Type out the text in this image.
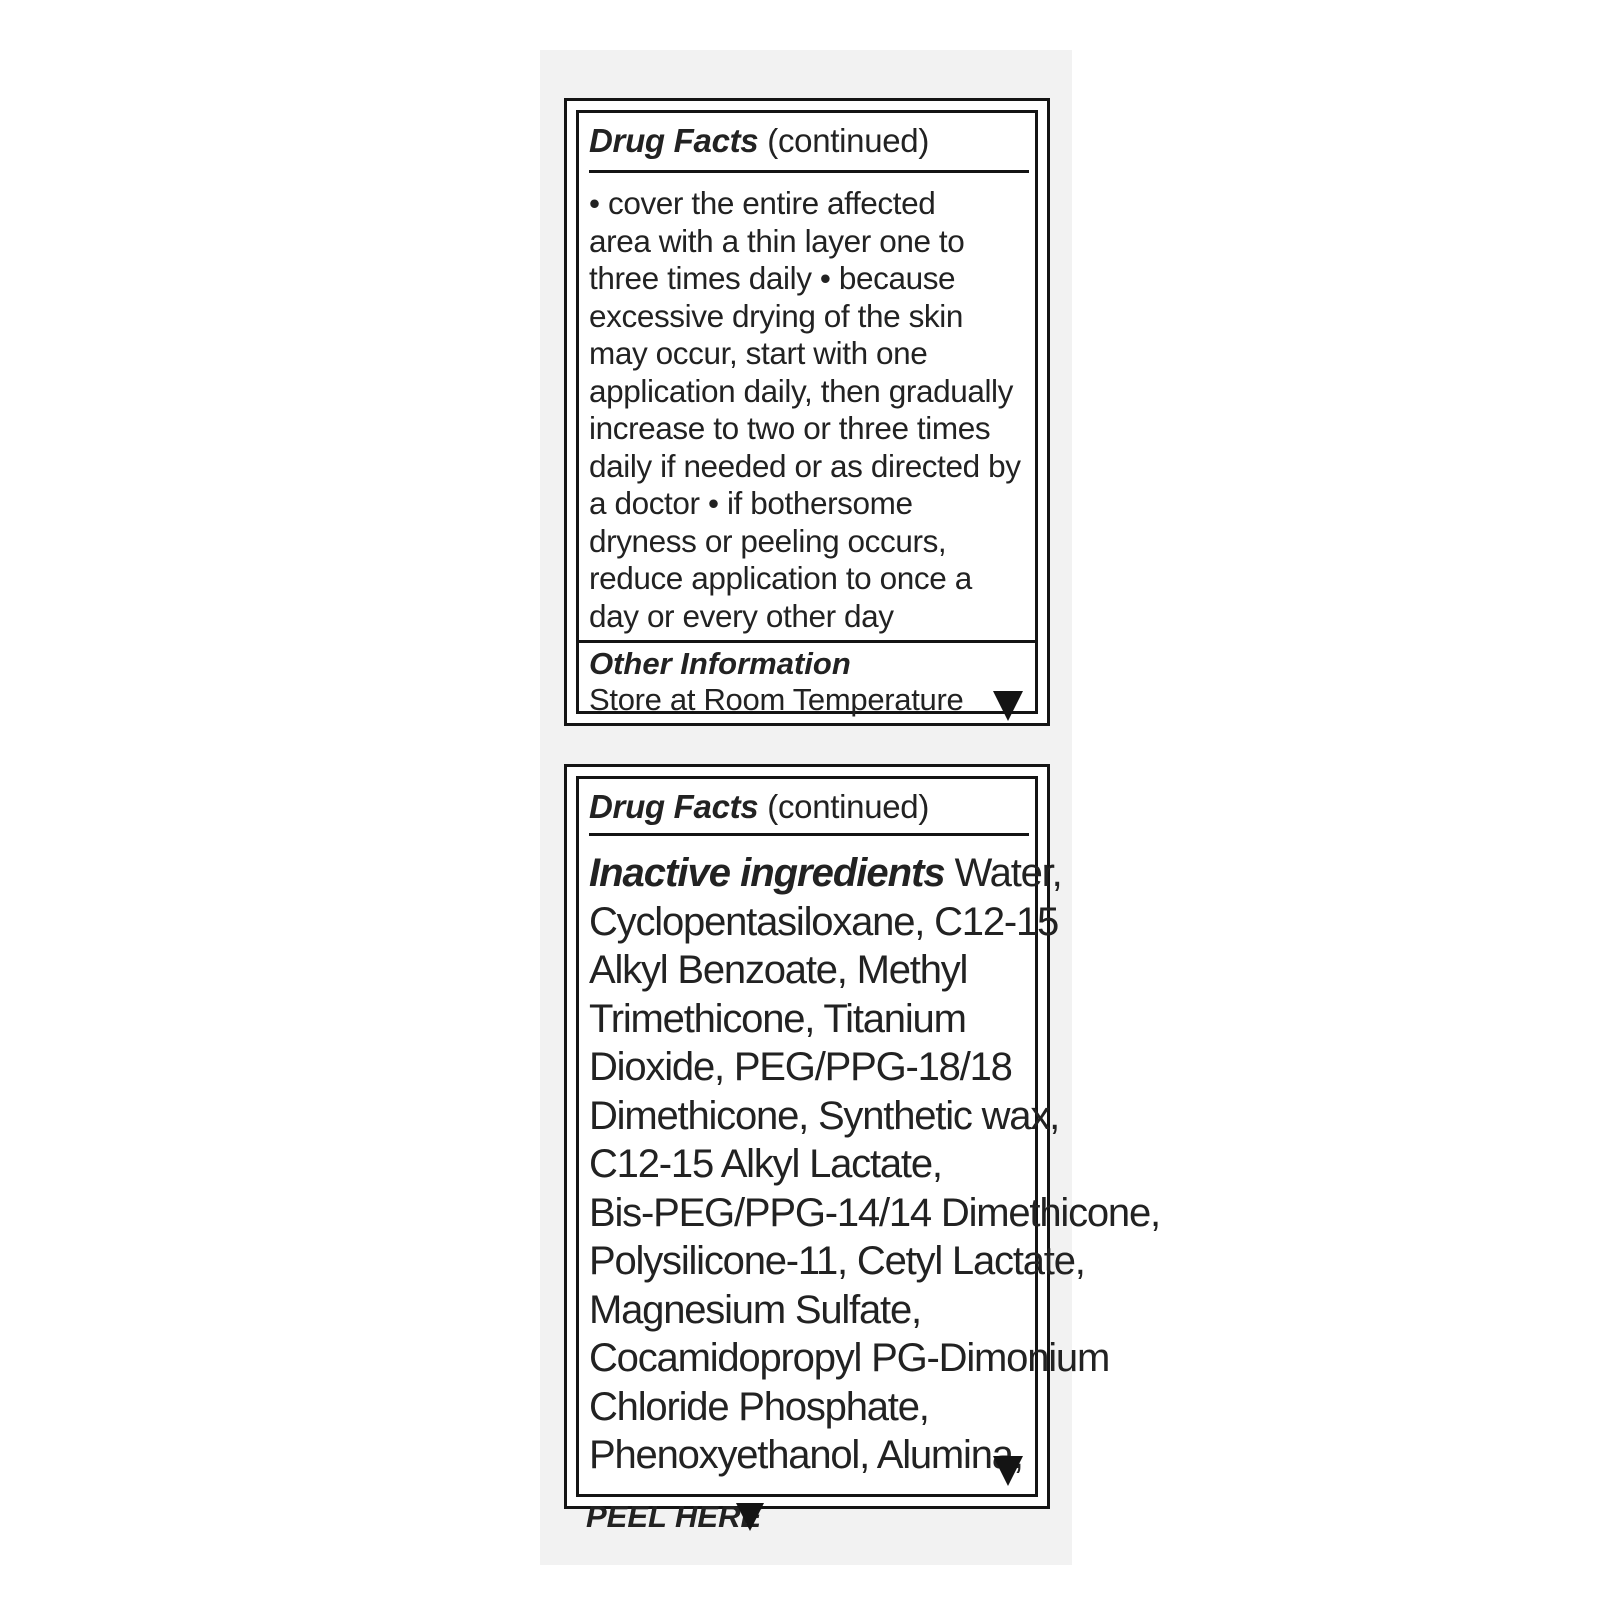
Drug Facts (continued)
• cover the entire affected
area with a thin layer one to
three times daily • because
excessive drying of the skin
may occur, start with one
application daily, then gradually
increase to two or three times
daily if needed or as directed by
a doctor • if bothersome
dryness or peeling occurs,
reduce application to once a
day or every other day
Other Information
Store at Room Temperature
Drug Facts (continued)
Inactive ingredients Water,
Cyclopentasiloxane, C12-15
Alkyl Benzoate, Methyl
Trimethicone, Titanium
Dioxide, PEG/PPG-18/18
Dimethicone, Synthetic wax,
C12-15 Alkyl Lactate,
Bis-PEG/PPG-14/14 Dimethicone,
Polysilicone-11, Cetyl Lactate,
Magnesium Sulfate,
Cocamidopropyl PG-Dimonium
Chloride Phosphate,
Phenoxyethanol, Alumina,
PEEL HERE
